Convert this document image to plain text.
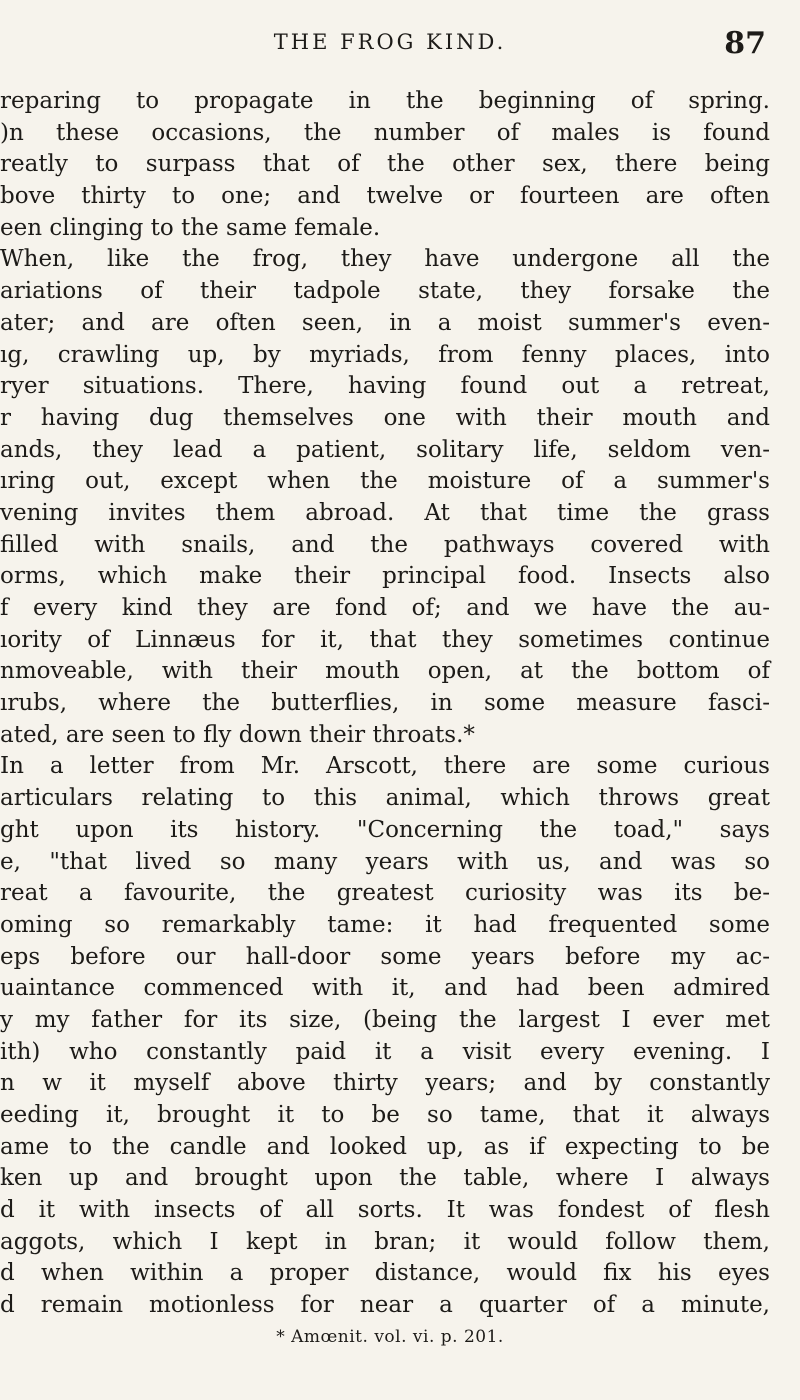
THE FROG KIND.	87
reparing to propagate in the beginning of spring.
)n these occasions, the number of males is found
reatly to surpass that of the other sex, there being
bove thirty to one; and twelve or fourteen are often
een clinging to the same female.
When, like the frog, they have undergone all the
ariations of their tadpole state, they forsake the
ater; and are often seen, in a moist summer's even-
ıg, crawling up, by myriads, from fenny places, into
ryer situations. There, having found out a retreat,
r having dug themselves one with their mouth and
ands, they lead a patient, solitary life, seldom ven-
ıring out, except when the moisture of a summer's
vening invites them abroad. At that time the grass
filled with snails, and the pathways covered with
orms, which make their principal food. Insects also
f every kind they are fond of; and we have the au-
ıority of Linnæus for it, that they sometimes continue
nmoveable, with their mouth open, at the bottom of
ırubs, where the butterflies, in some measure fasci-
ated, are seen to fly down their throats.*
In a letter from Mr. Arscott, there are some curious
articulars relating to this animal, which throws great
ght upon its history. "Concerning the toad," says
e, "that lived so many years with us, and was so
reat a favourite, the greatest curiosity was its be-
oming so remarkably tame: it had frequented some
eps before our hall-door some years before my ac-
uaintance commenced with it, and had been admired
y my father for its size, (being the largest I ever met
ith) who constantly paid it a visit every evening. I
n w it myself above thirty years; and by constantly
eeding it, brought it to be so tame, that it always
ame to the candle and looked up, as if expecting to be
ken up and brought upon the table, where I always
d it with insects of all sorts. It was fondest of flesh
aggots, which I kept in bran; it would follow them,
d when within a proper distance, would fix his eyes
d remain motionless for near a quarter of a minute,
* Amœnit. vol. vi. p. 201.
